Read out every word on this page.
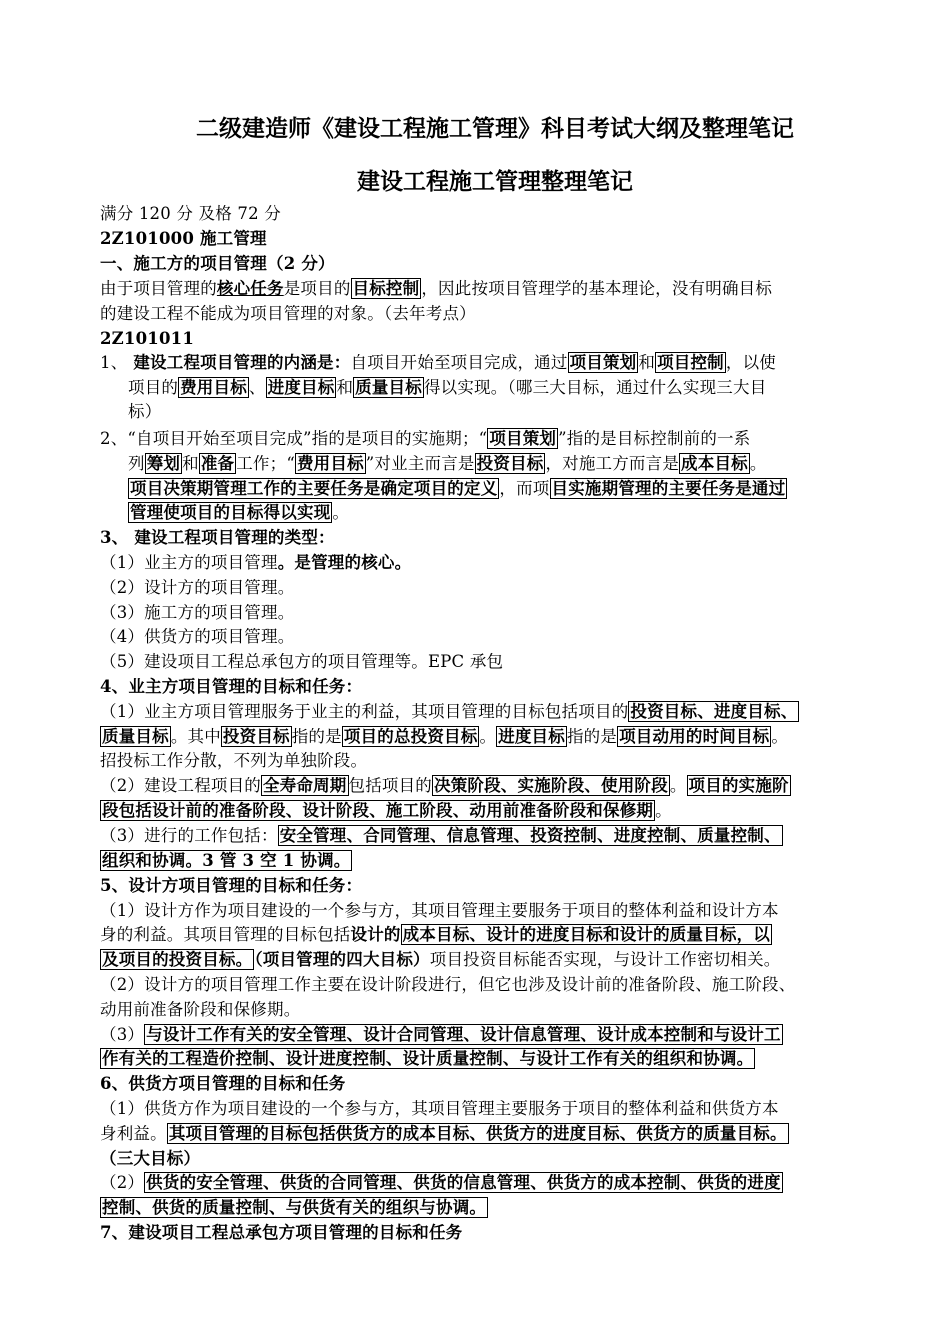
二级建造师《建设工程施工管理》科目考试大纲及整理笔记
建设工程施工管理整理笔记
满分 120 分 及格 72 分
2Z101000 施工管理
一、施工方的项目管理（2 分）
由于项目管理的核心任务是项目的 目标控制 ，因此按项目管理学的基本理论，没有明确目标
的建设工程不能成为项目管理的对象。（去年考点）
2Z101011
1、 建设工程项目管理的内涵是：自项目开始至项目完成，通过 项目策划 和 项目控制 ，以使
项目的 费用目标 、 进度目标 和 质量目标 得以实现。（哪三大目标，通过什么实现三大目
标）
2、“自项目开始至项目完成”指的是项目的实施期；“ 项目策划 ”指的是目标控制前的一系
列 筹划 和 准备 工作；“ 费用目标 ”对业主而言是 投资目标 ，对施工方而言是 成本目标 。
项目决策期管理工作的主要任务是确定项目的定义 ，而项 目实施期管理的主要任务是通过
管理使项目的目标得以实现 。
3、 建设工程项目管理的类型：
（1）业主方的项目管理。是管理的核心。
（2）设计方的项目管理。
（3）施工方的项目管理。
（4）供货方的项目管理。
（5）建设项目工程总承包方的项目管理等。EPC 承包
4、业主方项目管理的目标和任务：
（1）业主方项目管理服务于业主的利益，其项目管理的目标包括项目的 投资目标、进度目标、
质量目标 。其中 投资目标 指的是 项目的总投资目标 。 进度目标 指的是 项目动用的时间目标 。
招投标工作分散，不列为单独阶段。
（2）建设工程项目的 全寿命周期 包括项目的 决策阶段、实施阶段、使用阶段 。 项目的实施阶
段包括设计前的准备阶段、设计阶段、施工阶段、动用前准备阶段和保修期 。
（3）进行的工作包括： 安全管理、合同管理、信息管理、投资控制、进度控制、质量控制、
组织和协调。3 管 3 空 1 协调。
5、设计方项目管理的目标和任务：
（1）设计方作为项目建设的一个参与方，其项目管理主要服务于项目的整体利益和设计方本
身的利益。其项目管理的目标包括设计的 成本目标、设计的进度目标和设计的质量目标，以
及项目的投资目标。 （项目管理的四大目标）项目投资目标能否实现，与设计工作密切相关。
（2）设计方的项目管理工作主要在设计阶段进行，但它也涉及设计前的准备阶段、施工阶段、
动用前准备阶段和保修期。
（3） 与设计工作有关的安全管理、设计合同管理、设计信息管理、设计成本控制和与设计工
作有关的工程造价控制、设计进度控制、设计质量控制、与设计工作有关的组织和协调。
6、供货方项目管理的目标和任务
（1）供货方作为项目建设的一个参与方，其项目管理主要服务于项目的整体利益和供货方本
身利益。 其项目管理的目标包括供货方的成本目标、供货方的进度目标、供货方的质量目标。
（三大目标）
（2） 供货的安全管理、供货的合同管理、供货的信息管理、供货方的成本控制、供货的进度
控制、供货的质量控制、与供货有关的组织与协调。
7、建设项目工程总承包方项目管理的目标和任务
